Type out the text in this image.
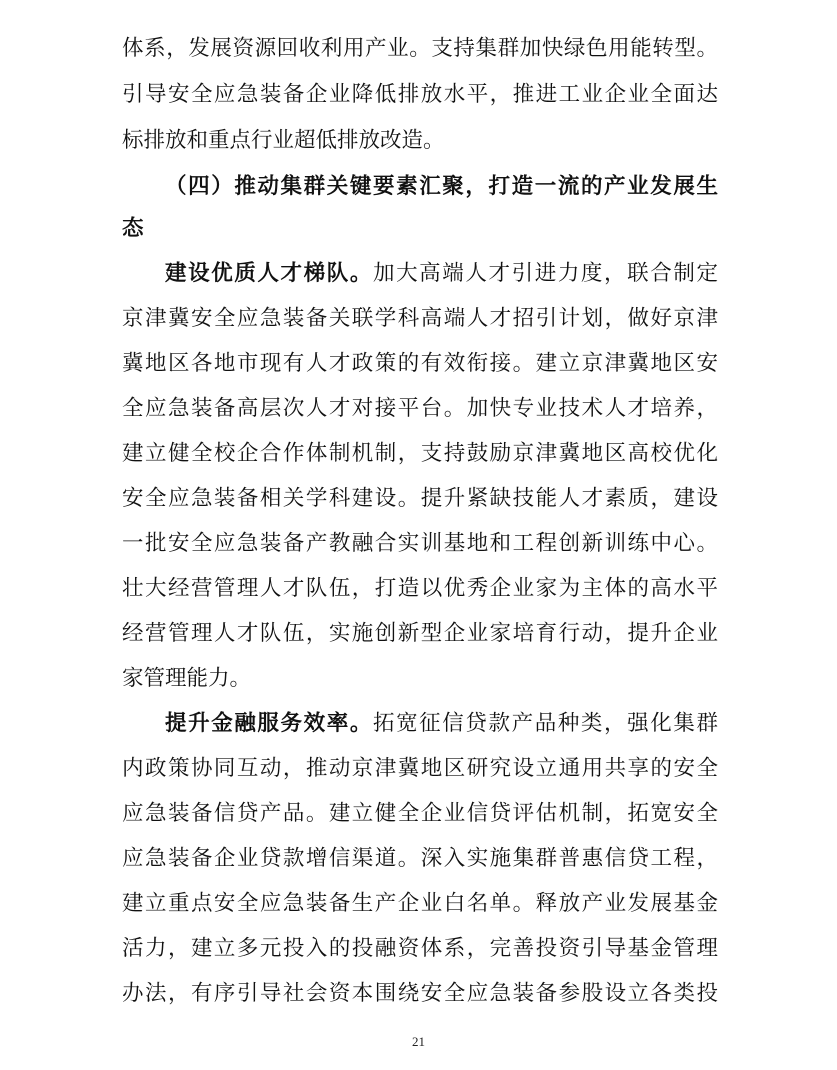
体系，发展资源回收利用产业。支持集群加快绿色用能转型。
引导安全应急装备企业降低排放水平，推进工业企业全面达
标排放和重点行业超低排放改造。
（四）推动集群关键要素汇聚，打造一流的产业发展生
态
建设优质人才梯队。加大高端人才引进力度，联合制定
京津冀安全应急装备关联学科高端人才招引计划，做好京津
冀地区各地市现有人才政策的有效衔接。建立京津冀地区安
全应急装备高层次人才对接平台。加快专业技术人才培养，
建立健全校企合作体制机制，支持鼓励京津冀地区高校优化
安全应急装备相关学科建设。提升紧缺技能人才素质，建设
一批安全应急装备产教融合实训基地和工程创新训练中心。
壮大经营管理人才队伍，打造以优秀企业家为主体的高水平
经营管理人才队伍，实施创新型企业家培育行动，提升企业
家管理能力。
提升金融服务效率。拓宽征信贷款产品种类，强化集群
内政策协同互动，推动京津冀地区研究设立通用共享的安全
应急装备信贷产品。建立健全企业信贷评估机制，拓宽安全
应急装备企业贷款增信渠道。深入实施集群普惠信贷工程，
建立重点安全应急装备生产企业白名单。释放产业发展基金
活力，建立多元投入的投融资体系，完善投资引导基金管理
办法，有序引导社会资本围绕安全应急装备参股设立各类投
21
